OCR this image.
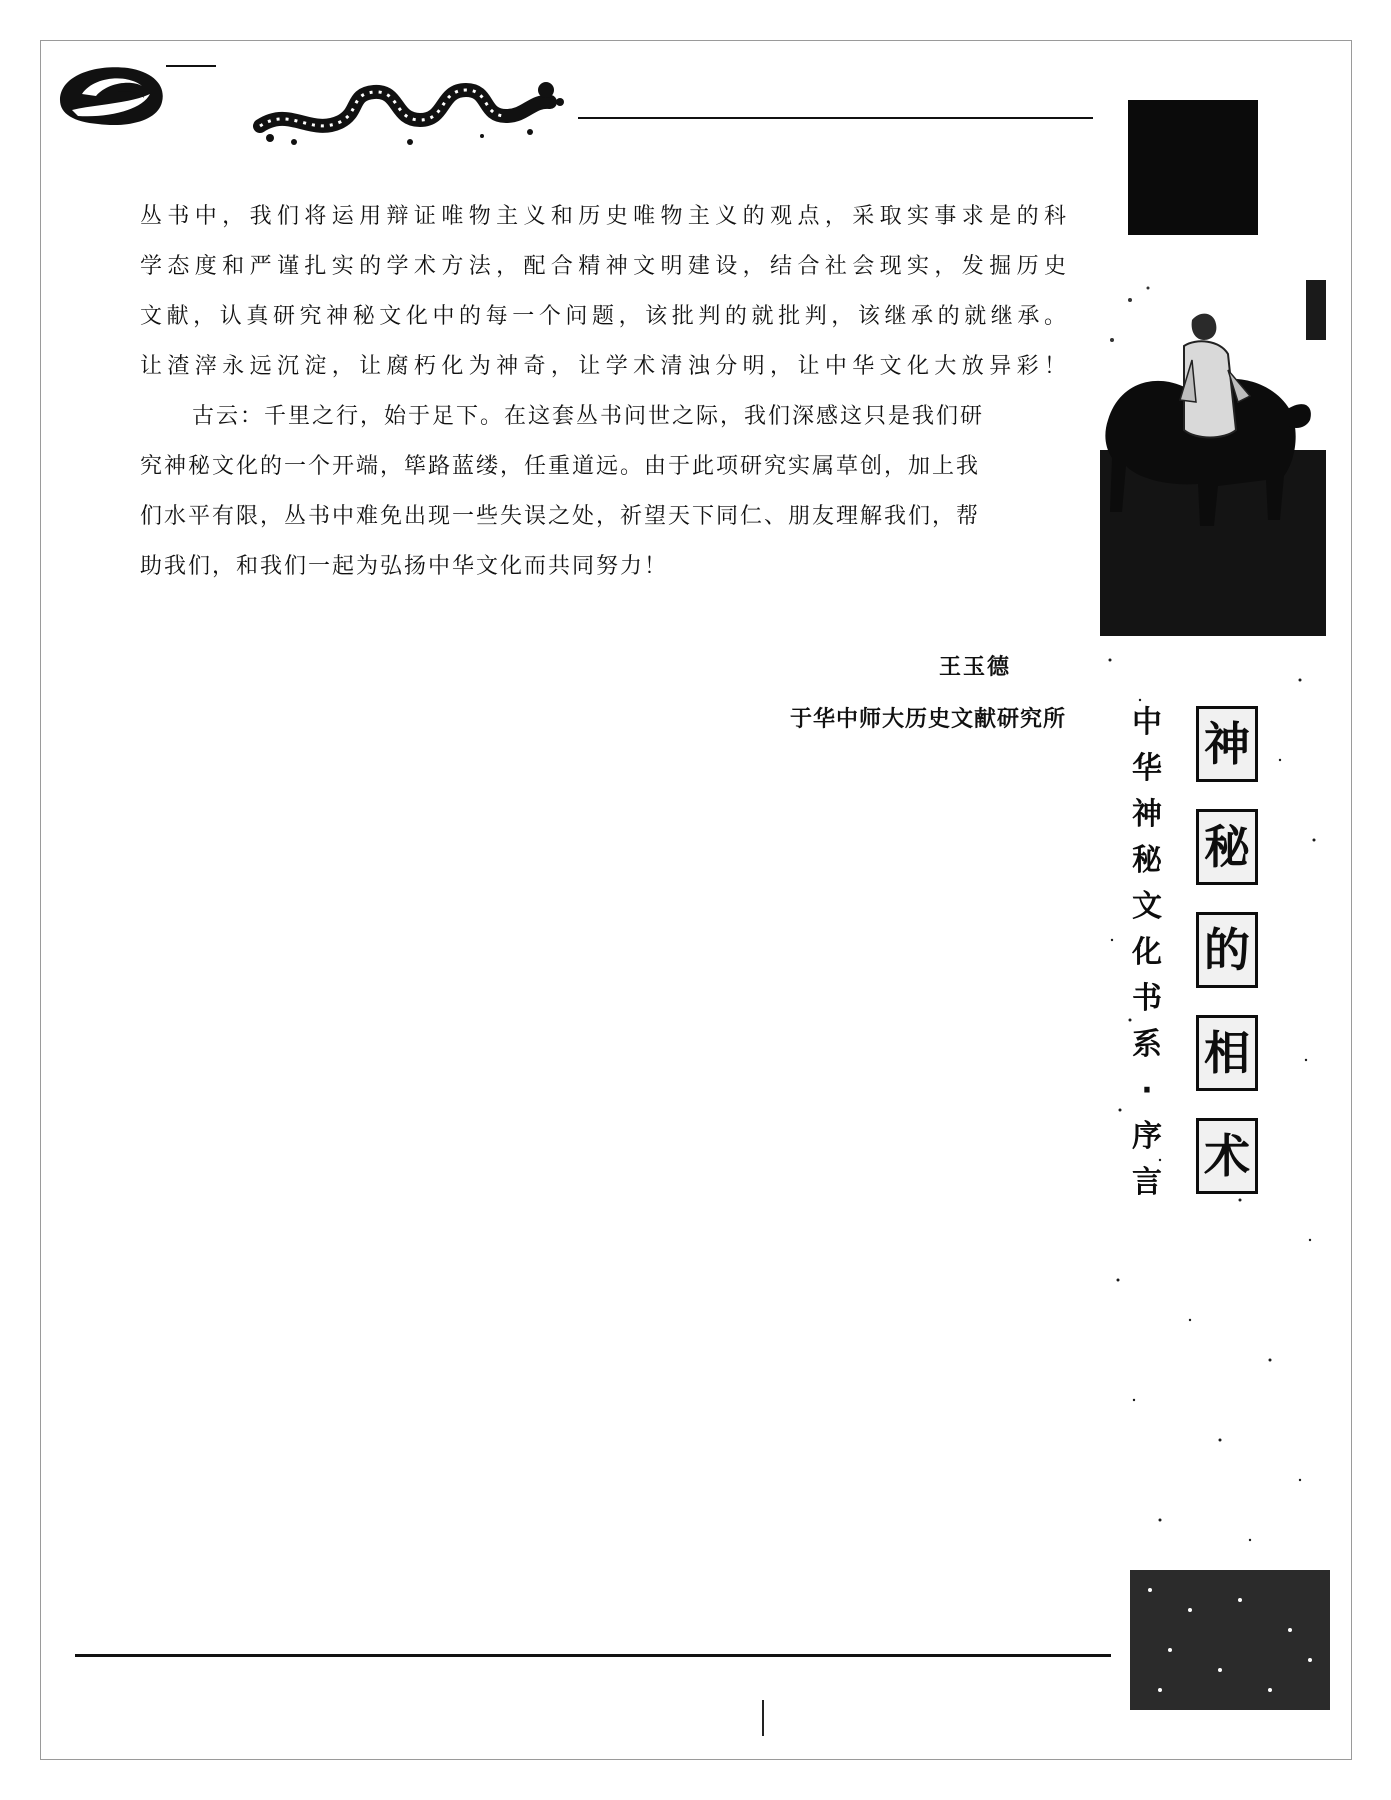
丛书中，我们将运用辩证唯物主义和历史唯物主义的观点，采取实事求是的科
学态度和严谨扎实的学术方法，配合精神文明建设，结合社会现实，发掘历史
文献，认真研究神秘文化中的每一个问题，该批判的就批判，该继承的就继承。
让渣滓永远沉淀，让腐朽化为神奇，让学术清浊分明，让中华文化大放异彩！

古云：千里之行，始于足下。在这套丛书问世之际，我们深感这只是我们研
究神秘文化的一个开端，筚路蓝缕，任重道远。由于此项研究实属草创，加上我
们水平有限，丛书中难免出现一些失误之处，祈望天下同仁、朋友理解我们，帮
助我们，和我们一起为弘扬中华文化而共同努力！

王玉德
于华中师大历史文献研究所 中
华
神
秘
文
化
书
系
·
序
言
神
秘
的
相
术
